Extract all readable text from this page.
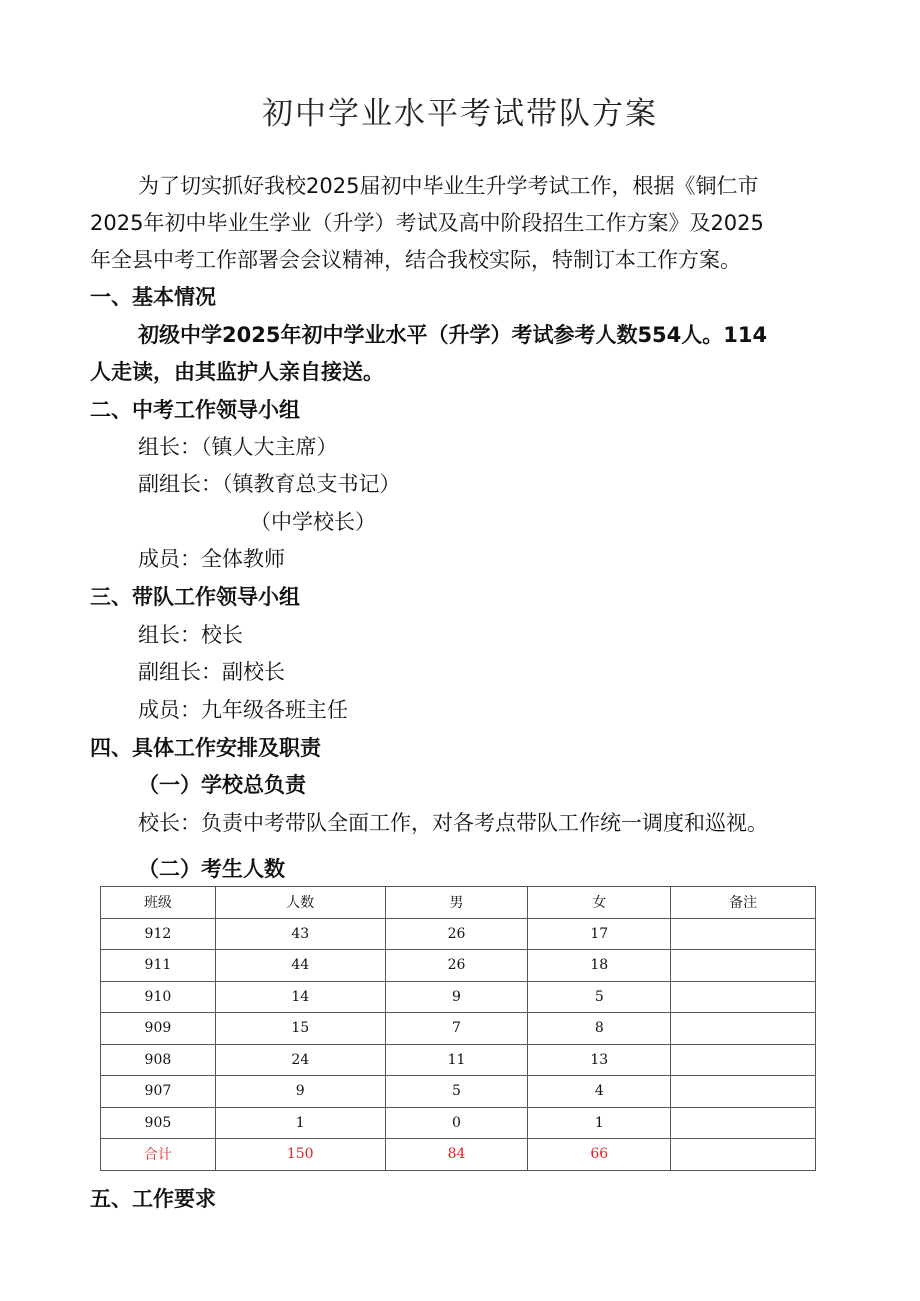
初中学业水平考试带队方案
为了切实抓好我校2025届初中毕业生升学考试工作，根据《铜仁市
2025年初中毕业生学业（升学）考试及高中阶段招生工作方案》及2025
年全县中考工作部署会会议精神，结合我校实际，特制订本工作方案。
一、基本情况
初级中学2025年初中学业水平（升学）考试参考人数554人。114
人走读，由其监护人亲自接送。
二、中考工作领导小组
组长：（镇人大主席）
副组长：（镇教育总支书记）
（中学校长）
成员：全体教师
三、带队工作领导小组
组长：校长
副组长：副校长
成员：九年级各班主任
四、具体工作安排及职责
（一）学校总负责
校长：负责中考带队全面工作，对各考点带队工作统一调度和巡视。
（二）考生人数
班级	人数	男	女	备注
912	43	26	17	
911	44	26	18	
910	14	9	5	
909	15	7	8	
908	24	11	13	
907	9	5	4	
905	1	0	1	
合计	150	84	66	
五、工作要求
